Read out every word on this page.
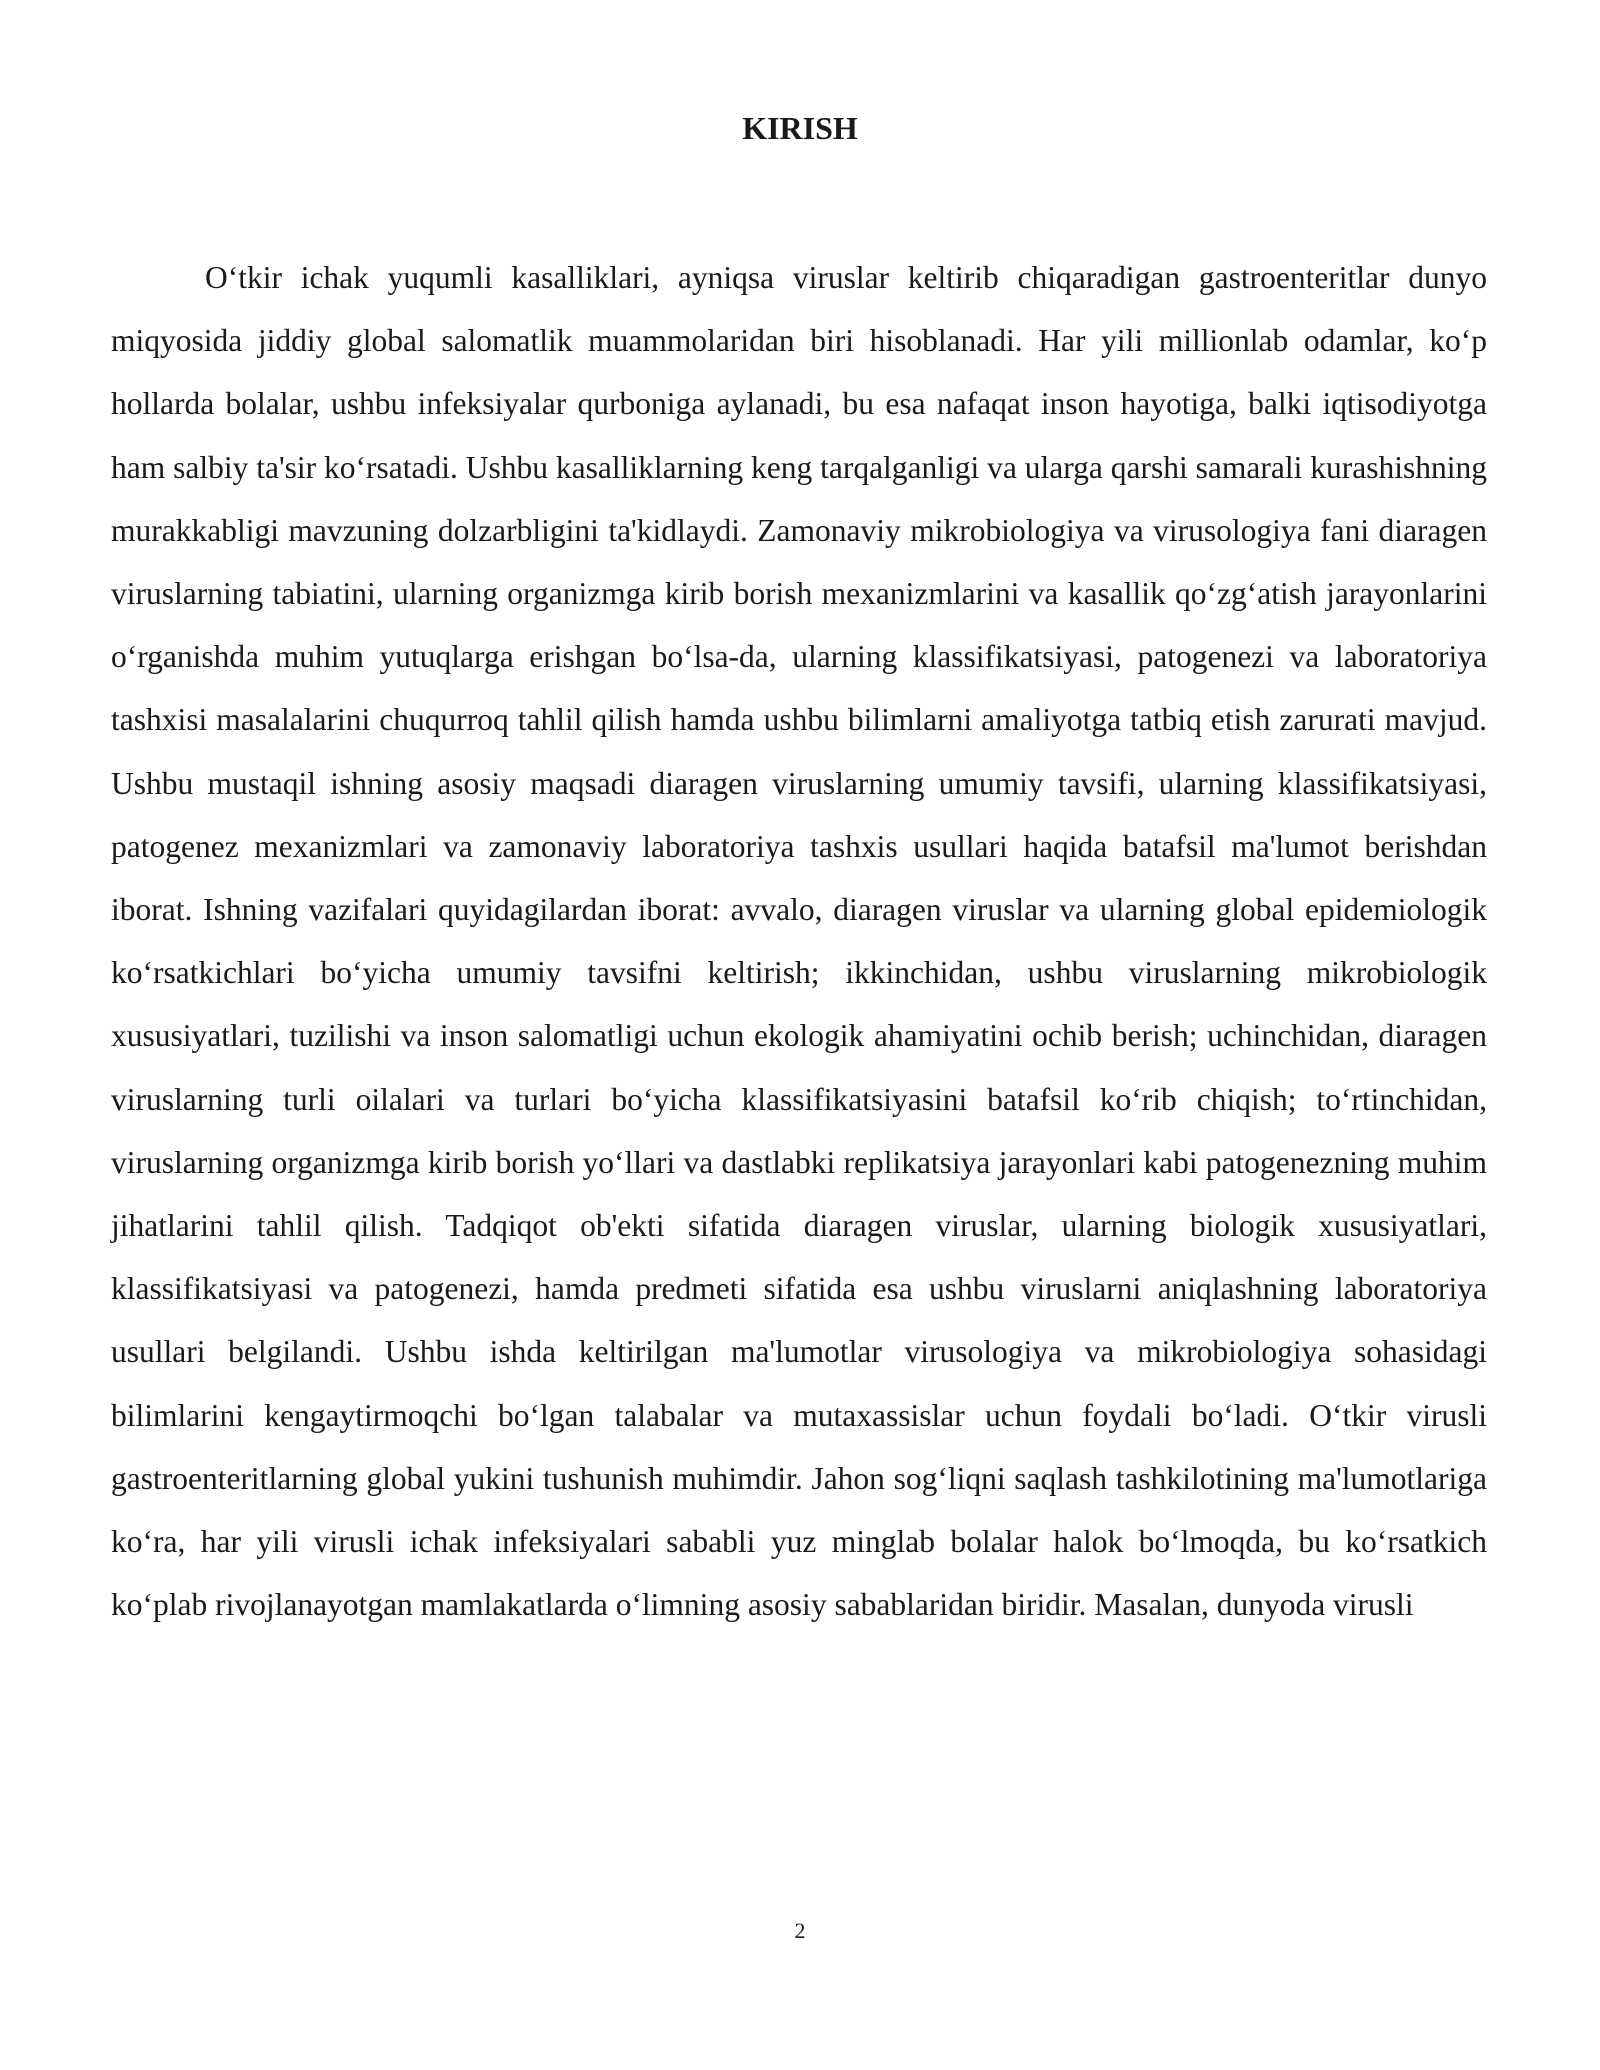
KIRISH

O‘tkir ichak yuqumli kasalliklari, ayniqsa viruslar keltirib chiqaradigan gastroenteritlar dunyo miqyosida jiddiy global salomatlik muammolaridan biri hisoblanadi. Har yili millionlab odamlar, ko‘p hollarda bolalar, ushbu infeksiyalar qurboniga aylanadi, bu esa nafaqat inson hayotiga, balki iqtisodiyotga ham salbiy ta'sir ko‘rsatadi. Ushbu kasalliklarning keng tarqalganligi va ularga qarshi samarali kurashishning murakkabligi mavzuning dolzarbligini ta'kidlaydi. Zamonaviy mikrobiologiya va virusologiya fani diaragen viruslarning tabiatini, ularning organizmga kirib borish mexanizmlarini va kasallik qo‘zg‘atish jarayonlarini o‘rganishda muhim yutuqlarga erishgan bo‘lsa-da, ularning klassifikatsiyasi, patogenezi va laboratoriya tashxisi masalalarini chuqurroq tahlil qilish hamda ushbu bilimlarni amaliyotga tatbiq etish zarurati mavjud. Ushbu mustaqil ishning asosiy maqsadi diaragen viruslarning umumiy tavsifi, ularning klassifikatsiyasi, patogenez mexanizmlari va zamonaviy laboratoriya tashxis usullari haqida batafsil ma'lumot berishdan iborat. Ishning vazifalari quyidagilardan iborat: avvalo, diaragen viruslar va ularning global epidemiologik ko‘rsatkichlari bo‘yicha umumiy tavsifni keltirish; ikkinchidan, ushbu viruslarning mikrobiologik xususiyatlari, tuzilishi va inson salomatligi uchun ekologik ahamiyatini ochib berish; uchinchidan, diaragen viruslarning turli oilalari va turlari bo‘yicha klassifikatsiyasini batafsil ko‘rib chiqish; to‘rtinchidan, viruslarning organizmga kirib borish yo‘llari va dastlabki replikatsiya jarayonlari kabi patogenezning muhim jihatlarini tahlil qilish. Tadqiqot ob'ekti sifatida diaragen viruslar, ularning biologik xususiyatlari, klassifikatsiyasi va patogenezi, hamda predmeti sifatida esa ushbu viruslarni aniqlashning laboratoriya usullari belgilandi. Ushbu ishda keltirilgan ma'lumotlar virusologiya va mikrobiologiya sohasidagi bilimlarini kengaytirmoqchi bo‘lgan talabalar va mutaxassislar uchun foydali bo‘ladi. O‘tkir virusli gastroenteritlarning global yukini tushunish muhimdir. Jahon sog‘liqni saqlash tashkilotining ma'lumotlariga ko‘ra, har yili virusli ichak infeksiyalari sababli yuz minglab bolalar halok bo‘lmoqda, bu ko‘rsatkich ko‘plab rivojlanayotgan mamlakatlarda o‘limning asosiy sabablaridan biridir. Masalan, dunyoda virusli

2
